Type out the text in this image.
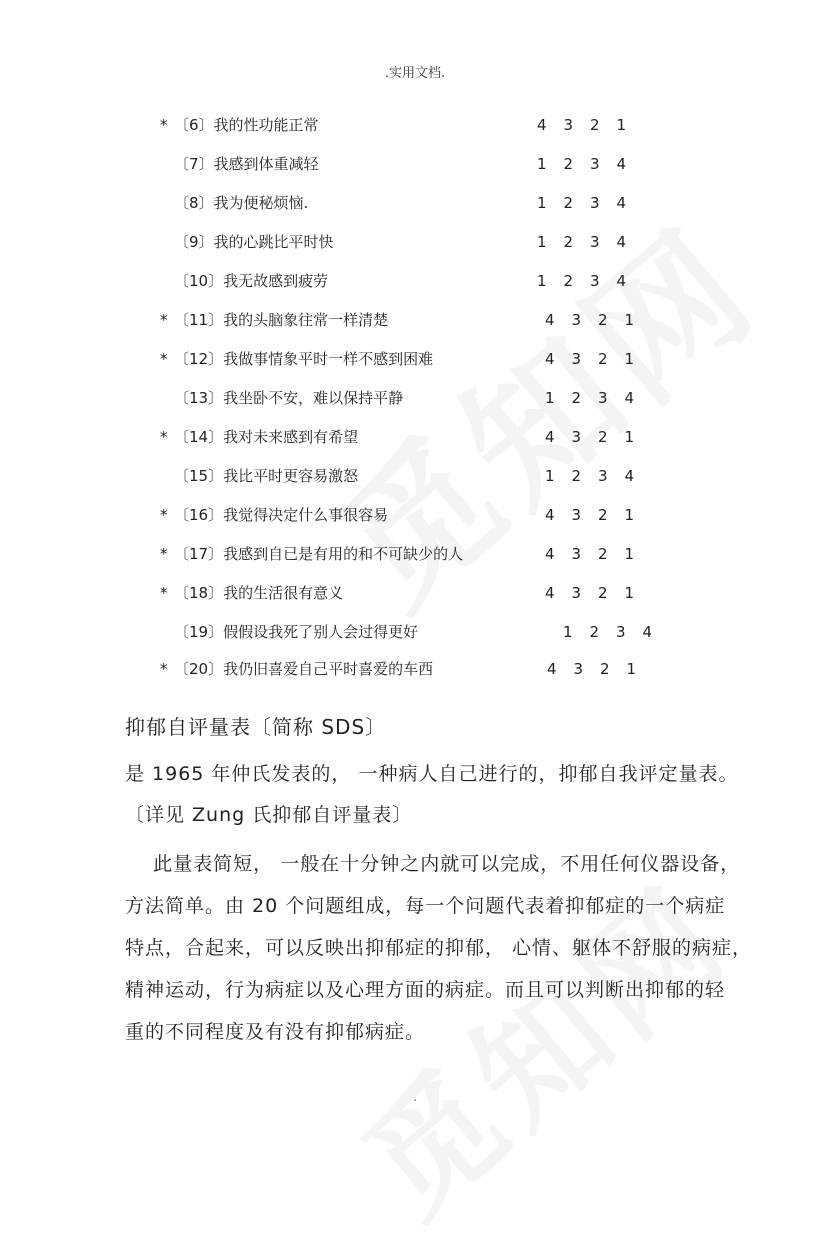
.实用文档.
* 〔6〕我的性功能正常	4 3 2 1
〔7〕我感到体重减轻	1 2 3 4
〔8〕我为便秘烦恼.	1 2 3 4
〔9〕我的心跳比平时快	1 2 3 4
〔10〕我无故感到疲劳	1 2 3 4
* 〔11〕我的头脑象往常一样清楚	4 3 2 1
* 〔12〕我做事情象平时一样不感到困难	4 3 2 1
〔13〕我坐卧不安，难以保持平静	1 2 3 4
* 〔14〕我对未来感到有希望	4 3 2 1
〔15〕我比平时更容易激怒	1 2 3 4
* 〔16〕我觉得决定什么事很容易	4 3 2 1
* 〔17〕我感到自已是有用的和不可缺少的人	4 3 2 1
* 〔18〕我的生活很有意义	4 3 2 1
〔19〕假假设我死了别人会过得更好	1 2 3 4
* 〔20〕我仍旧喜爱自己平时喜爱的车西	4 3 2 1
抑郁自评量表〔简称 SDS〕
是 1965 年仲氏发表的， 一种病人自己进行的，抑郁自我评定量表。
〔详见 Zung 氏抑郁自评量表〕
此量表简短， 一般在十分钟之内就可以完成，不用任何仪器设备，
方法简单。由 20 个问题组成，每一个问题代表着抑郁症的一个病症
特点，合起来，可以反映出抑郁症的抑郁， 心情、躯体不舒服的病症，
精神运动，行为病症以及心理方面的病症。而且可以判断出抑郁的轻
重的不同程度及有没有抑郁病症。
.
